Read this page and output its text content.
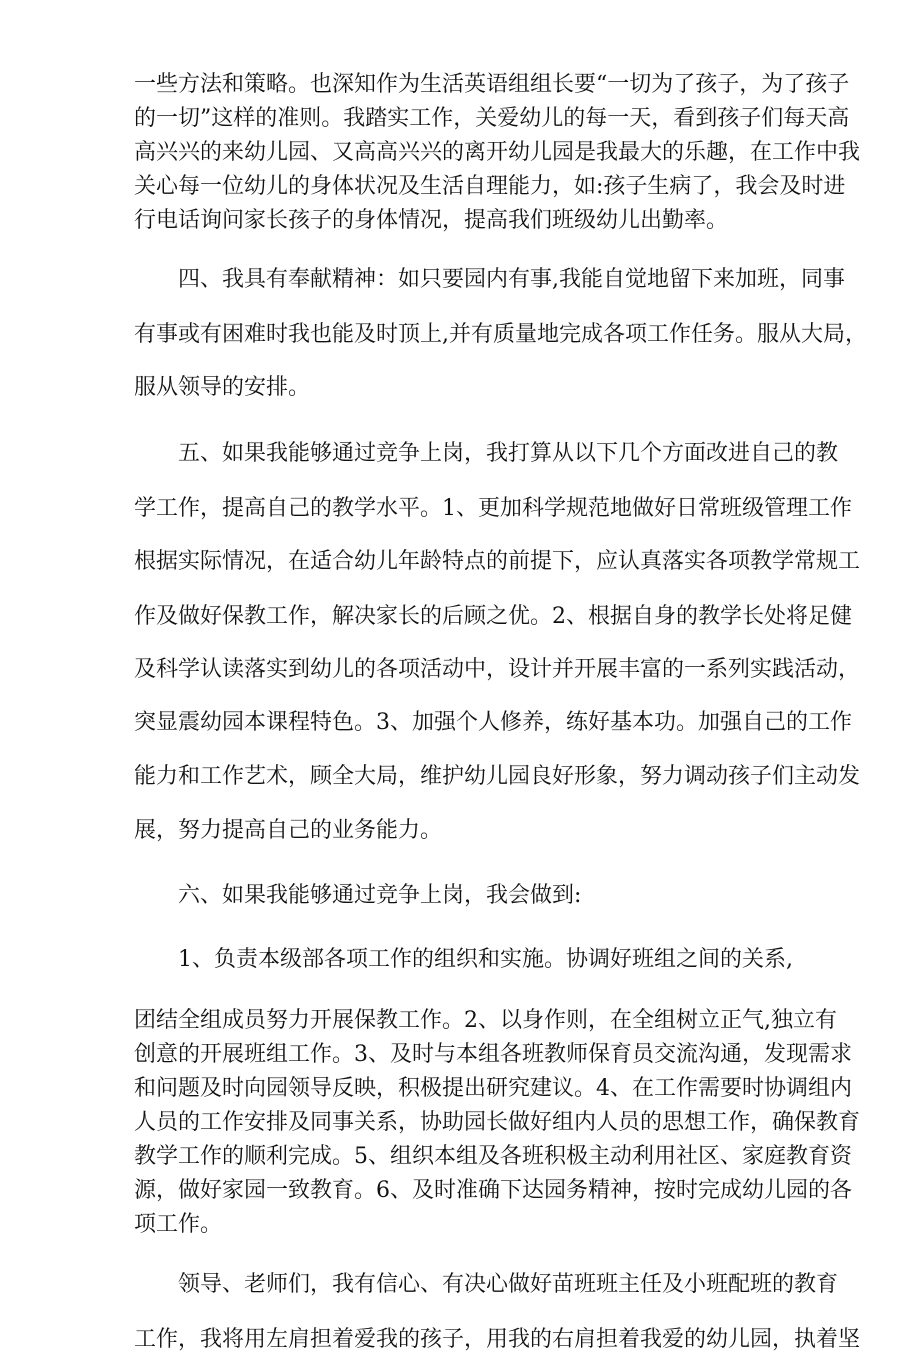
一些方法和策略。也深知作为生活英语组组长要“一切为了孩子，为了孩子
的一切”这样的准则。我踏实工作，关爱幼儿的每一天，看到孩子们每天高
高兴兴的来幼儿园、又高高兴兴的离开幼儿园是我最大的乐趣，在工作中我
关心每一位幼儿的身体状况及生活自理能力，如:孩子生病了，我会及时进
行电话询问家长孩子的身体情况，提高我们班级幼儿出勤率。
四、我具有奉献精神：如只要园内有事,我能自觉地留下来加班，同事
有事或有困难时我也能及时顶上,并有质量地完成各项工作任务。服从大局，
服从领导的安排。
五、如果我能够通过竞争上岗，我打算从以下几个方面改进自己的教
学工作，提高自己的教学水平。1、更加科学规范地做好日常班级管理工作
根据实际情况，在适合幼儿年龄特点的前提下，应认真落实各项教学常规工
作及做好保教工作，解决家长的后顾之优。2、根据自身的教学长处将足健
及科学认读落实到幼儿的各项活动中，设计并开展丰富的一系列实践活动，
突显震幼园本课程特色。3、加强个人修养，练好基本功。加强自己的工作
能力和工作艺术，顾全大局，维护幼儿园良好形象，努力调动孩子们主动发
展，努力提高自己的业务能力。
六、如果我能够通过竞争上岗，我会做到:
1、负责本级部各项工作的组织和实施。协调好班组之间的关系,
团结全组成员努力开展保教工作。2、以身作则，在全组树立正气,独立有
创意的开展班组工作。3、及时与本组各班教师保育员交流沟通，发现需求
和问题及时向园领导反映，积极提出研究建议。4、在工作需要时协调组内
人员的工作安排及同事关系，协助园长做好组内人员的思想工作，确保教育
教学工作的顺利完成。5、组织本组及各班积极主动利用社区、家庭教育资
源，做好家园一致教育。6、及时准确下达园务精神，按时完成幼儿园的各
项工作。
领导、老师们，我有信心、有决心做好苗班班主任及小班配班的教育
工作，我将用左肩担着爱我的孩子，用我的右肩担着我爱的幼儿园，执着坚
